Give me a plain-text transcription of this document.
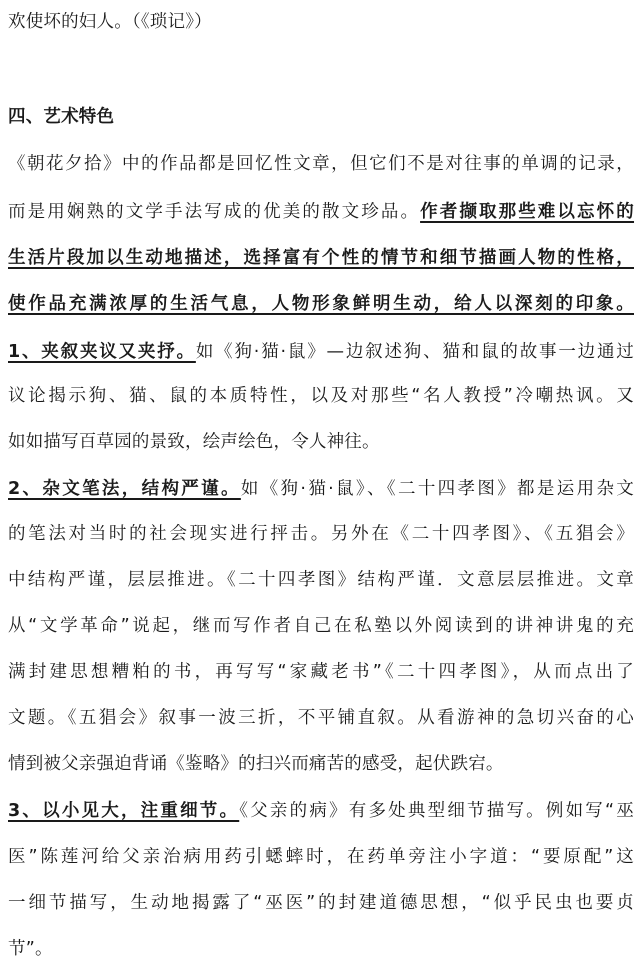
欢使坏的妇人。（《琐记》）
四、艺术特色
《朝花夕拾》中的作品都是回忆性文章，但它们不是对往事的单调的记录，
而是用娴熟的文学手法写成的优美的散文珍品。作者撷取那些难以忘怀的
生活片段加以生动地描述，选择富有个性的情节和细节描画人物的性格，
使作品充满浓厚的生活气息，人物形象鲜明生动，给人以深刻的印象。
1、夹叙夹议又夹抒。如《狗·猫·鼠》—边叙述狗、猫和鼠的故事一边通过
议论揭示狗、猫、鼠的本质特性，以及对那些“名人教授”冷嘲热讽。又
如如描写百草园的景致，绘声绘色，令人神往。
2、杂文笔法，结构严谨。如《狗·猫·鼠》、《二十四孝图》都是运用杂文
的笔法对当时的社会现实进行抨击。另外在《二十四孝图》、《五猖会》
中结构严谨，层层推进。《二十四孝图》结构严谨．文意层层推进。文章
从“文学革命”说起，继而写作者自己在私塾以外阅读到的讲神讲鬼的充
满封建思想糟粕的书，再写写“家藏老书”《二十四孝图》，从而点出了
文题。《五猖会》叙事一波三折，不平铺直叙。从看游神的急切兴奋的心
情到被父亲强迫背诵《鉴略》的扫兴而痛苦的感受，起伏跌宕。
3、以小见大，注重细节。《父亲的病》有多处典型细节描写。例如写“巫
医”陈莲河给父亲治病用药引蟋蟀时，在药单旁注小字道：“要原配”这
一细节描写，生动地揭露了“巫医”的封建道德思想，“似乎民虫也要贞
节”。
